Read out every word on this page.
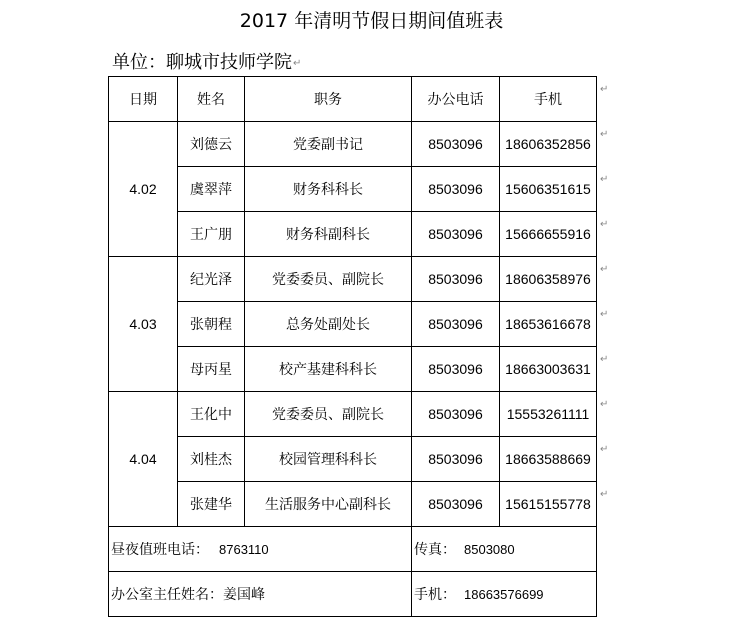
2017 年清明节假日期间值班表
单位：聊城市技师学院↵
日期	姓名	职务	办公电话	手机
4.02	刘德云	党委副书记	8503096	18606352856
	虞翠萍	财务科科长	8503096	15606351615
	王广朋	财务科副科长	8503096	15666655916
4.03	纪光泽	党委委员、副院长	8503096	18606358976
	张朝程	总务处副处长	8503096	18653616678
	母丙星	校产基建科科长	8503096	18663003631
4.04	王化中	党委委员、副院长	8503096	15553261111
	刘桂杰	校园管理科科长	8503096	18663588669
	张建华	生活服务中心副科长	8503096	15615155778
昼夜值班电话： 8763110			传真： 8503080	
办公室主任姓名：姜国峰			手机： 18663576699	
↵
↵
↵
↵
↵
↵
↵
↵
↵
↵
